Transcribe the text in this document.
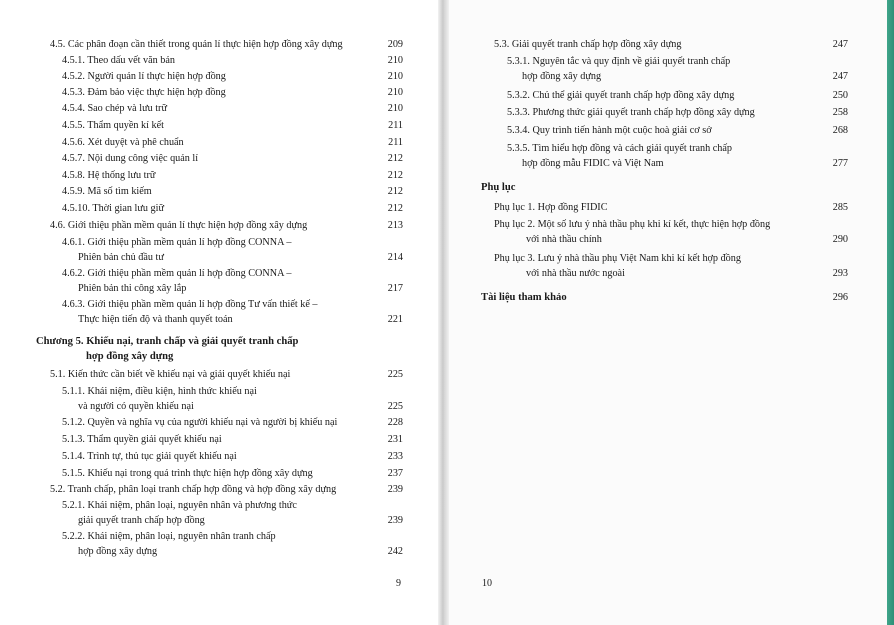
4.5. Các phân đoạn cần thiết trong quản lí thực hiện hợp đồng xây dựng	209
4.5.1. Theo dấu vết văn bản	210
4.5.2. Người quản lí thực hiện hợp đồng	210
4.5.3. Đảm bảo việc thực hiện hợp đồng	210
4.5.4. Sao chép và lưu trữ	210
4.5.5. Thẩm quyền kí kết	211
4.5.6. Xét duyệt và phê chuẩn	211
4.5.7. Nội dung công việc quản lí	212
4.5.8. Hệ thống lưu trữ	212
4.5.9. Mã số tìm kiếm	212
4.5.10. Thời gian lưu giữ	212
4.6. Giới thiệu phần mềm quản lí thực hiện hợp đồng xây dựng	213
4.6.1. Giới thiệu phần mềm quản lí hợp đồng CONNA –
Phiên bản chủ đầu tư	214
4.6.2. Giới thiệu phần mềm quản lí hợp đồng CONNA –
Phiên bản thi công xây lắp	217
4.6.3. Giới thiệu phần mềm quản lí hợp đồng Tư vấn thiết kế –
Thực hiện tiến độ và thanh quyết toán	221
Chương 5. Khiếu nại, tranh chấp và giải quyết tranh chấp
hợp đồng xây dựng
5.1. Kiến thức cần biết về khiếu nại và giải quyết khiếu nại	225
5.1.1. Khái niệm, điều kiện, hình thức khiếu nại
và người có quyền khiếu nại	225
5.1.2. Quyền và nghĩa vụ của người khiếu nại và người bị khiếu nại	228
5.1.3. Thẩm quyền giải quyết khiếu nại	231
5.1.4. Trình tự, thủ tục giải quyết khiếu nại	233
5.1.5. Khiếu nại trong quá trình thực hiện hợp đồng xây dựng	237
5.2. Tranh chấp, phân loại tranh chấp hợp đồng và hợp đồng xây dựng	239
5.2.1. Khái niệm, phân loại, nguyên nhân và phương thức
giải quyết tranh chấp hợp đồng	239
5.2.2. Khái niệm, phân loại, nguyên nhân tranh chấp
hợp đồng xây dựng	242
5.3. Giải quyết tranh chấp hợp đồng xây dựng	247
5.3.1. Nguyên tắc và quy định về giải quyết tranh chấp
hợp đồng xây dựng	247
5.3.2. Chủ thể giải quyết tranh chấp hợp đồng xây dựng	250
5.3.3. Phương thức giải quyết tranh chấp hợp đồng xây dựng	258
5.3.4. Quy trình tiến hành một cuộc hoà giải cơ sở	268
5.3.5. Tìm hiểu hợp đồng và cách giải quyết tranh chấp
hợp đồng mẫu FIDIC và Việt Nam	277
Phụ lục
Phụ lục 1. Hợp đồng FIDIC	285
Phụ lục 2. Một số lưu ý nhà thầu phụ khi kí kết, thực hiện hợp đồng
với nhà thầu chính	290
Phụ lục 3. Lưu ý nhà thầu phụ Việt Nam khi kí kết hợp đồng
với nhà thầu nước ngoài	293
Tài liệu tham khảo	296
9	10
